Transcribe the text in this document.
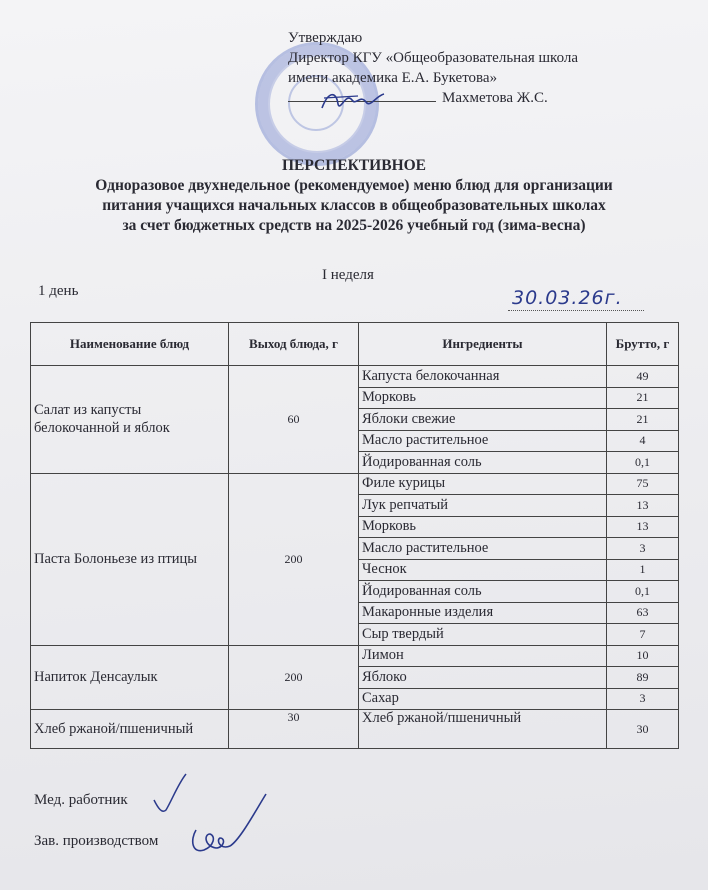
Утверждаю
Директор КГУ «Общеобразовательная школа
имени академика Е.А. Букетова»
Махметова Ж.С.
ПЕРСПЕКТИВНОЕ
Одноразовое двухнедельное (рекомендуемое) меню блюд для организации
питания учащихся начальных классов в общеобразовательных школах
за счет бюджетных средств на 2025-2026 учебный год (зима-весна)
I неделя
1 день	30.03.26г.
Наименование блюд	Выход блюда, г	Ингредиенты	Брутто, г
Салат из капусты белокочанной и яблок	60	Капуста белокочанная	49
		Морковь	21
		Яблоки свежие	21
		Масло растительное	4
		Йодированная соль	0,1
Паста Болоньезе из птицы	200	Филе курицы	75
		Лук репчатый	13
		Морковь	13
		Масло растительное	3
		Чеснок	1
		Йодированная соль	0,1
		Макаронные изделия	63
		Сыр твердый	7
Напиток Денсаулык	200	Лимон	10
		Яблоко	89
		Сахар	3
Хлеб ржаной/пшеничный	30	Хлеб ржаной/пшеничный	30
Мед. работник
Зав. производством
